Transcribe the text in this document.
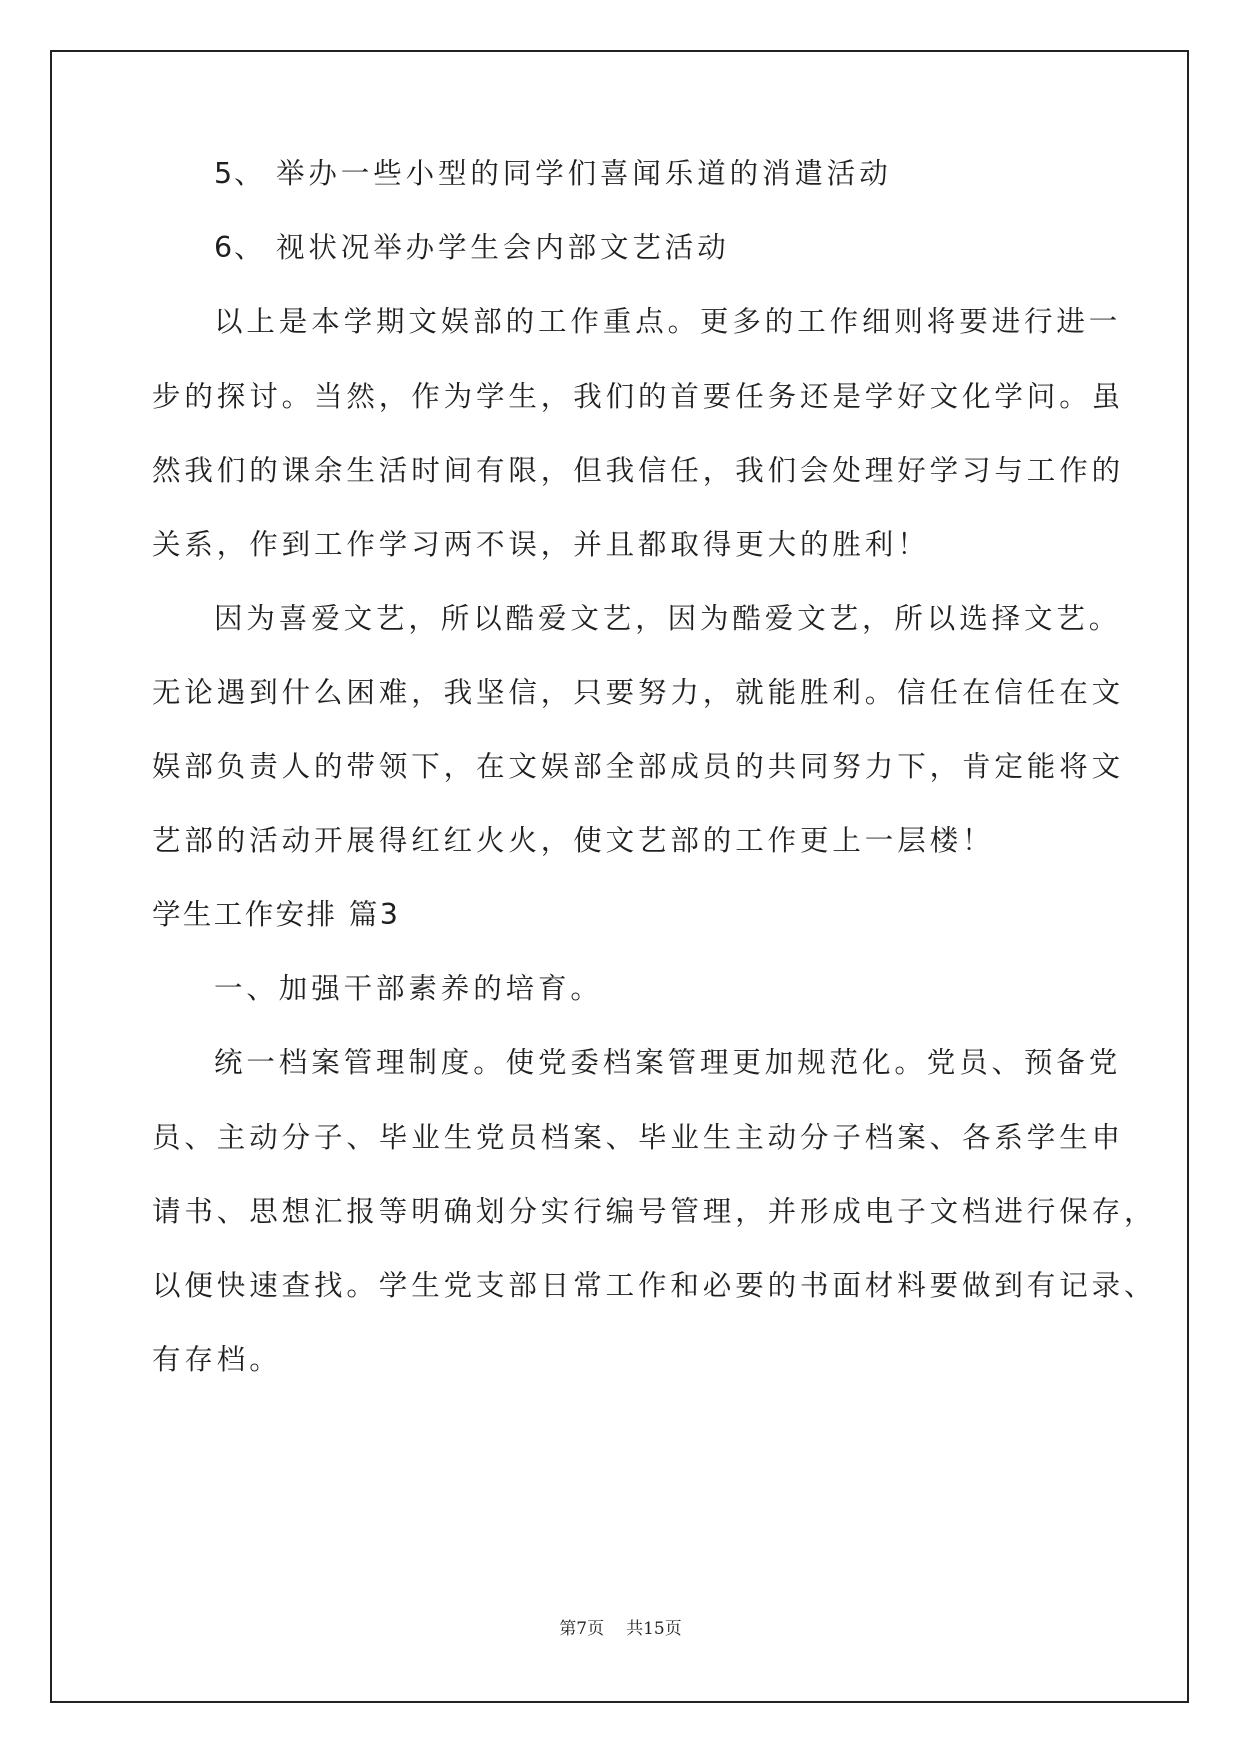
5、 举办一些小型的同学们喜闻乐道的消遣活动
6、 视状况举办学生会内部文艺活动
以上是本学期文娱部的工作重点。更多的工作细则将要进行进一
步的探讨。当然，作为学生，我们的首要任务还是学好文化学问。虽
然我们的课余生活时间有限，但我信任，我们会处理好学习与工作的
关系，作到工作学习两不误，并且都取得更大的胜利！
因为喜爱文艺，所以酷爱文艺，因为酷爱文艺，所以选择文艺。
无论遇到什么困难，我坚信，只要努力，就能胜利。信任在信任在文
娱部负责人的带领下，在文娱部全部成员的共同努力下，肯定能将文
艺部的活动开展得红红火火，使文艺部的工作更上一层楼！
学生工作安排 篇3
一、加强干部素养的培育。
统一档案管理制度。使党委档案管理更加规范化。党员、预备党
员、主动分子、毕业生党员档案、毕业生主动分子档案、各系学生申
请书、思想汇报等明确划分实行编号管理，并形成电子文档进行保存，
以便快速查找。学生党支部日常工作和必要的书面材料要做到有记录、
有存档。
第7页 共15页
